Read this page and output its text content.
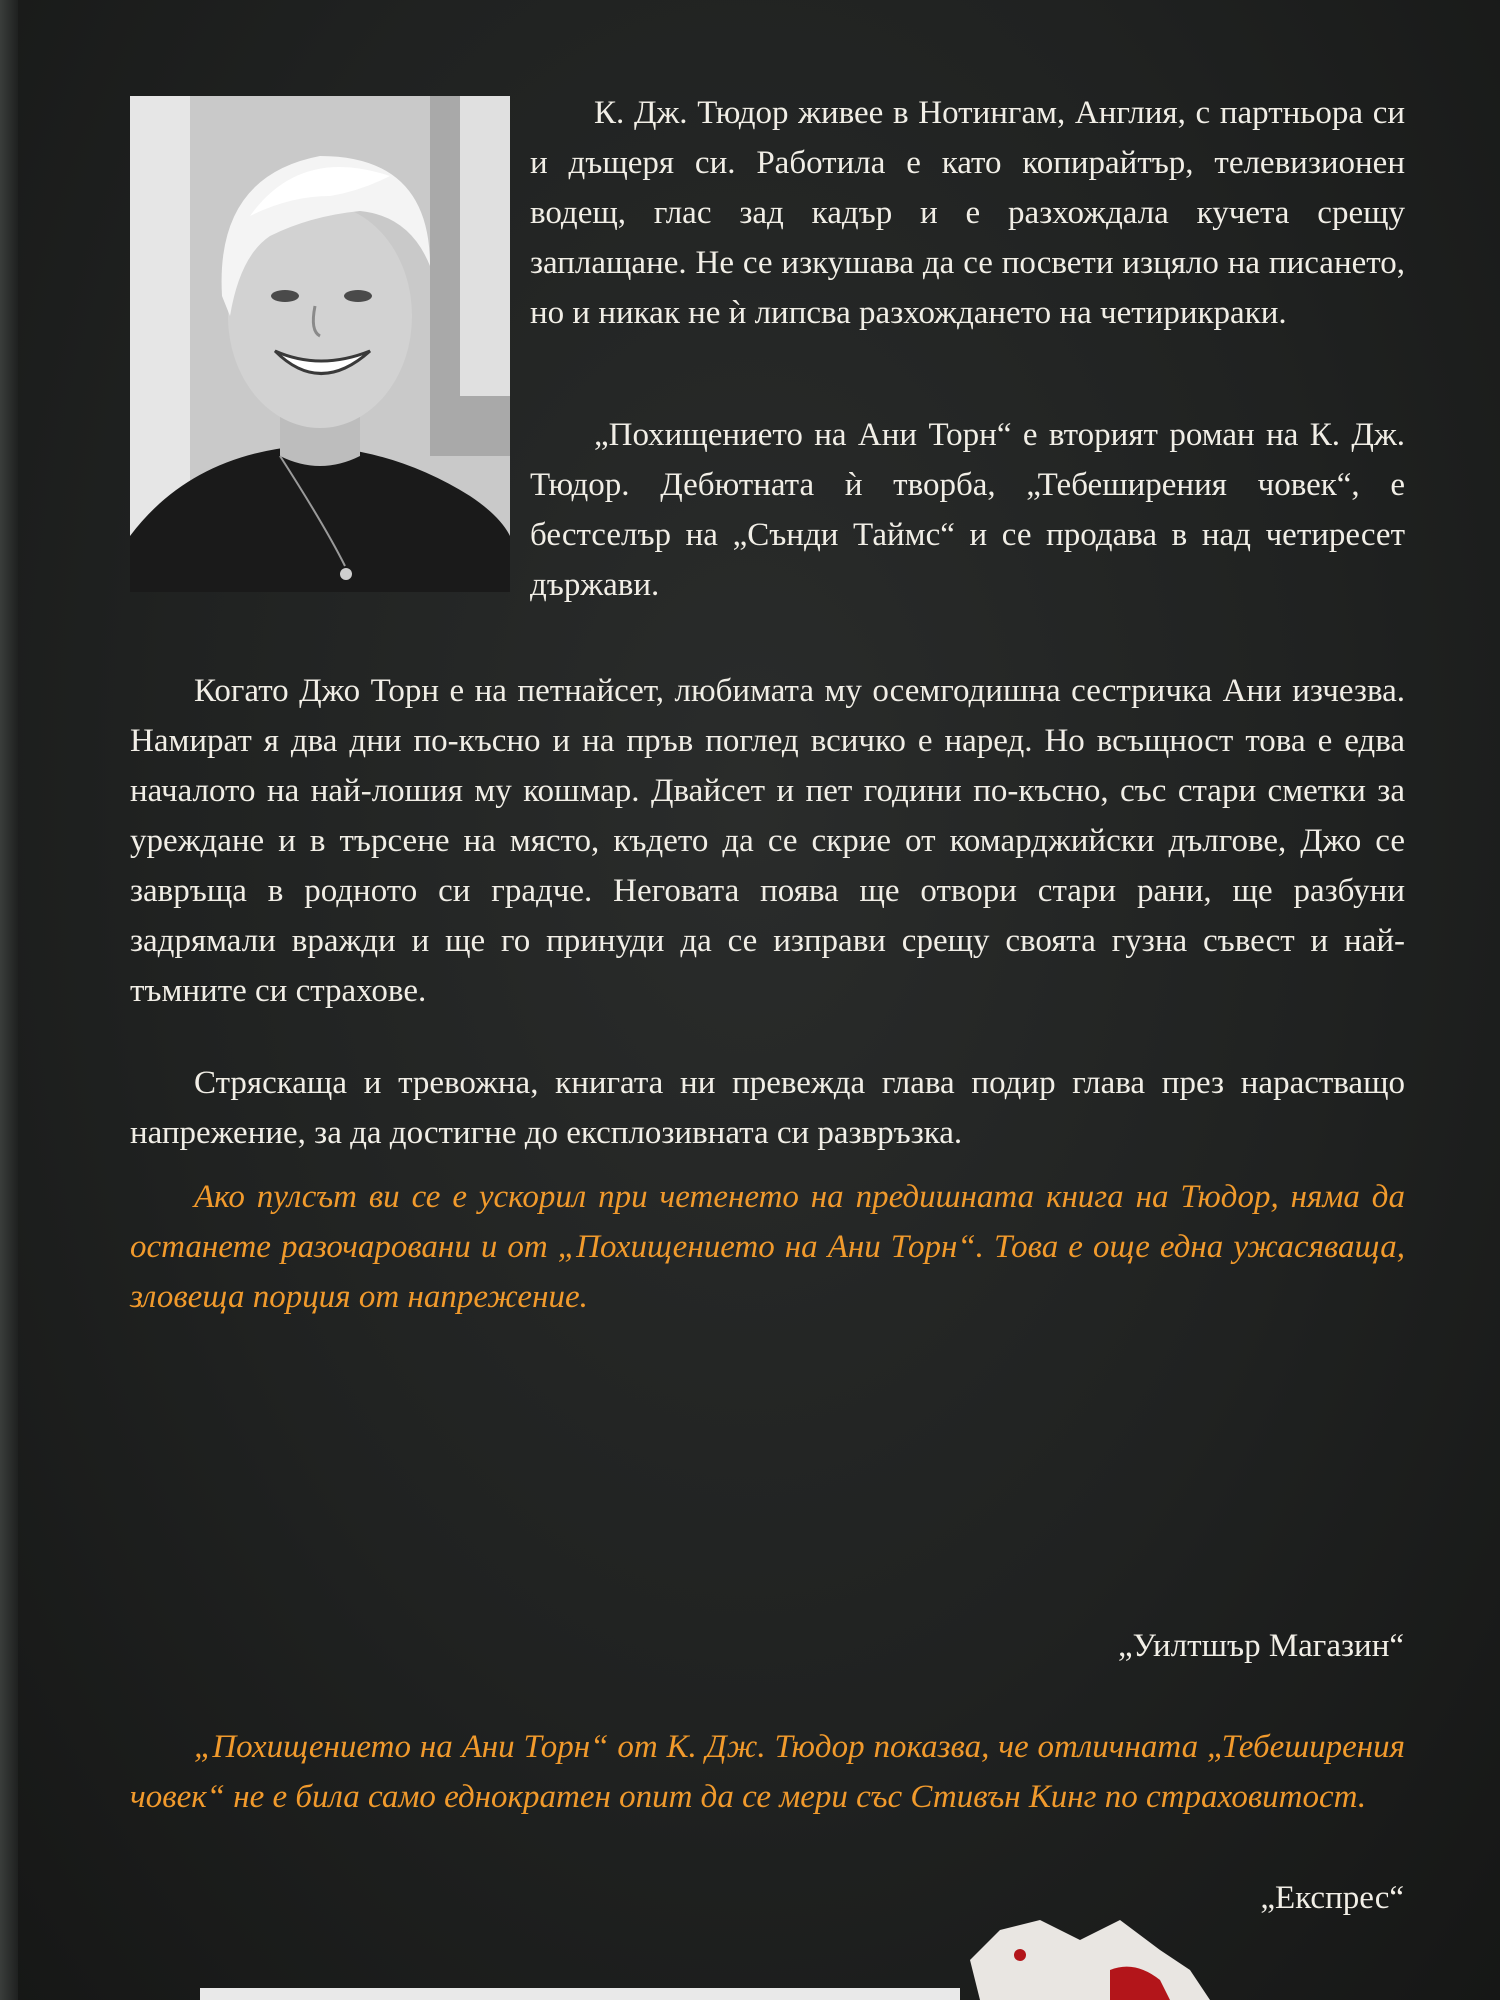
К. Дж. Тюдор живее в Нотингам, Англия, с партньора си и дъщеря си. Работила е като копирайтър, телевизионен водещ, глас зад кадър и е разхождала кучета срещу заплащане. Не се изкушава да се посвети изцяло на писането, но и никак не ѝ липсва разхождането на четирикраки.

„Похищението на Ани Торн“ е вторият роман на К. Дж. Тюдор. Дебютната ѝ творба, „Тебеширения човек“, е бестселър на „Сънди Таймс“ и се продава в над четиресет държави.

Когато Джо Торн е на петнайсет, любимата му осемгодишна сестричка Ани изчезва. Намират я два дни по-късно и на пръв поглед всичко е наред. Но всъщност това е едва началото на най-лошия му кошмар. Двайсет и пет години по-късно, със стари сметки за уреждане и в търсене на място, където да се скрие от комарджийски дългове, Джо се завръща в родното си градче. Неговата поява ще отвори стари рани, ще разбуни задрямали вражди и ще го принуди да се изправи срещу своята гузна съвест и най-тъмните си страхове.

Стряскаща и тревожна, книгата ни превежда глава подир глава през нарастващо напрежение, за да достигне до експлозивната си развръзка.

Ако пулсът ви се е ускорил при четенето на предишната книга на Тюдор, няма да останете разочаровани и от „Похищението на Ани Торн“. Това е още една ужасяваща, зловеща порция от напрежение.

„Уилтшър Магазин“

„Похищението на Ани Торн“ от К. Дж. Тюдор показва, че отличната „Тебеширения човек“ не е била само еднократен опит да се мери със Стивън Кинг по страховитост.

„Експрес“
